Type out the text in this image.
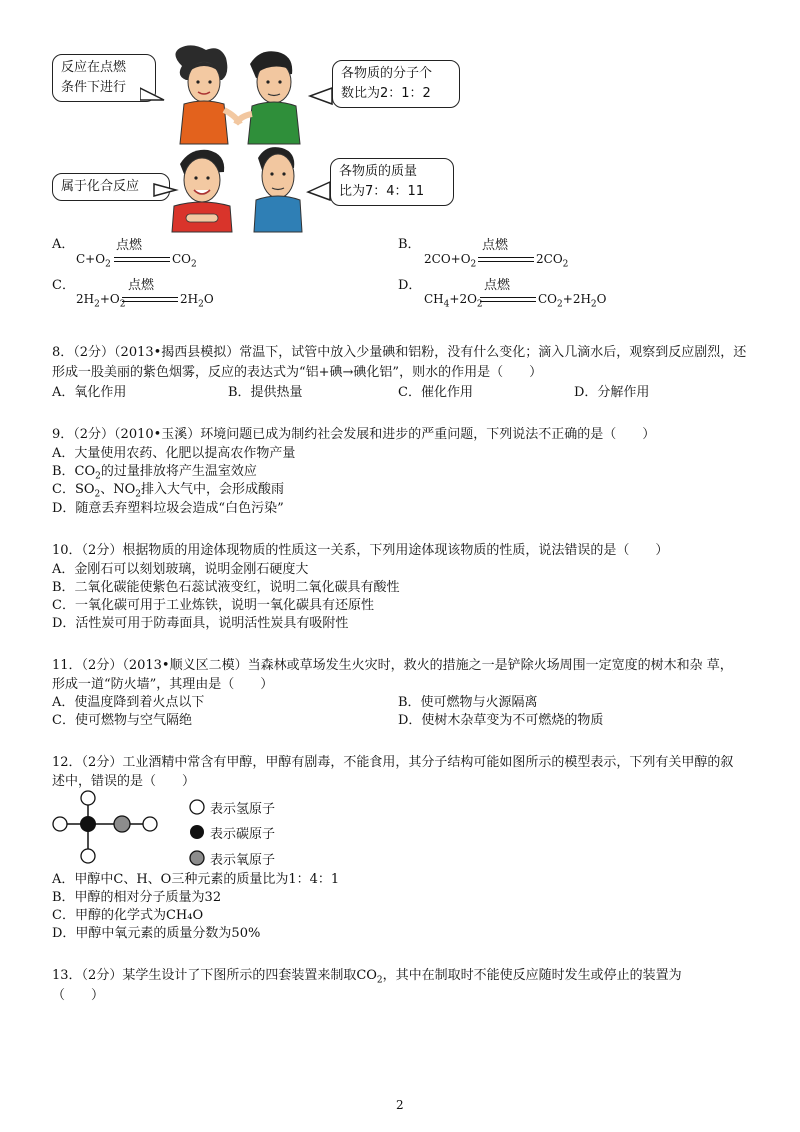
反应在点燃
条件下进行
各物质的分子个
数比为2：1：2
属于化合反应
各物质的质量
比为7：4：11
A．	点燃
$C+O_2$	$CO_2$
B．	点燃
$2CO+O_2$	$2CO_2$
C．	点燃
$2H_2+O_2$	$2H_2O$
D．	点燃
$CH_4+2O_2$	$CO_2+2H_2O$
8．（2分）（2013•揭西县模拟）常温下，试管中放入少量碘和铝粉，没有什么变化；滴入几滴水后，观察到反应剧烈，还
形成一股美丽的紫色烟雾，反应的表达式为“铝+碘→碘化铝”，则水的作用是（　　）
A．氧化作用	B．提供热量	C．催化作用	D．分解作用
9．（2分）（2010•玉溪）环境问题已成为制约社会发展和进步的严重问题，下列说法不正确的是（　　）
A．大量使用农药、化肥以提高农作物产量
B．$CO_2$的过量排放将产生温室效应
C．$SO_2$、$NO_2$排入大气中，会形成酸雨
D．随意丢弃塑料垃圾会造成“白色污染”
10．（2分）根据物质的用途体现物质的性质这一关系，下列用途体现该物质的性质，说法错误的是（　　）
A．金刚石可以刻划玻璃，说明金刚石硬度大
B．二氧化碳能使紫色石蕊试液变红，说明二氧化碳具有酸性
C．一氧化碳可用于工业炼铁，说明一氧化碳具有还原性
D．活性炭可用于防毒面具，说明活性炭具有吸附性
11．（2分）（2013•顺义区二模）当森林或草场发生火灾时，救火的措施之一是铲除火场周围一定宽度的树木和杂 草，
形成一道“防火墙”，其理由是（　　）
A．使温度降到着火点以下	B．使可燃物与火源隔离
C．使可燃物与空气隔绝	D．使树木杂草变为不可燃烧的物质
12．（2分）工业酒精中常含有甲醇，甲醇有剧毒，不能食用，其分子结构可能如图所示的模型表示，下列有关甲醇的叙
述中，错误的是（　　）
表示氢原子
表示碳原子
表示氧原子
A．甲醇中C、H、O三种元素的质量比为1：4：1
B．甲醇的相对分子质量为32
C．甲醇的化学式为CH₄O
D．甲醇中氧元素的质量分数为50%
13．（2分）某学生设计了下图所示的四套装置来制取$CO_2$，其中在制取时不能使反应随时发生或停止的装置为
（　　）
2
